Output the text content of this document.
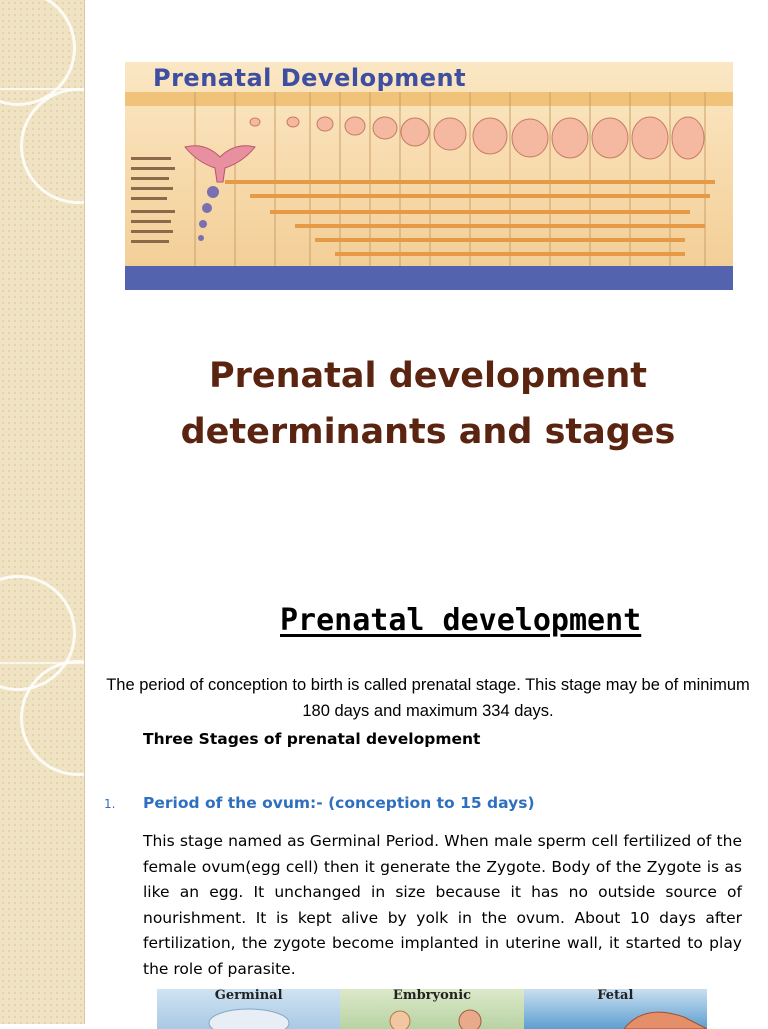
Prenatal Development
Prenatal development
determinants and stages
Prenatal development

The period of conception to birth is called prenatal stage. This stage may be of minimum 180 days and maximum 334 days.

Three Stages of prenatal development

1. Period of the ovum:- (conception to 15 days)

This stage named as Germinal Period. When male sperm cell fertilized of the female ovum(egg cell) then it generate the Zygote. Body of the Zygote is as like an egg. It unchanged in size because it has no outside source of nourishment. It is kept alive by yolk in the ovum. About 10 days after fertilization, the zygote become implanted in uterine wall, it started to play the role of parasite.

Germinal	Embryonic	Fetal
